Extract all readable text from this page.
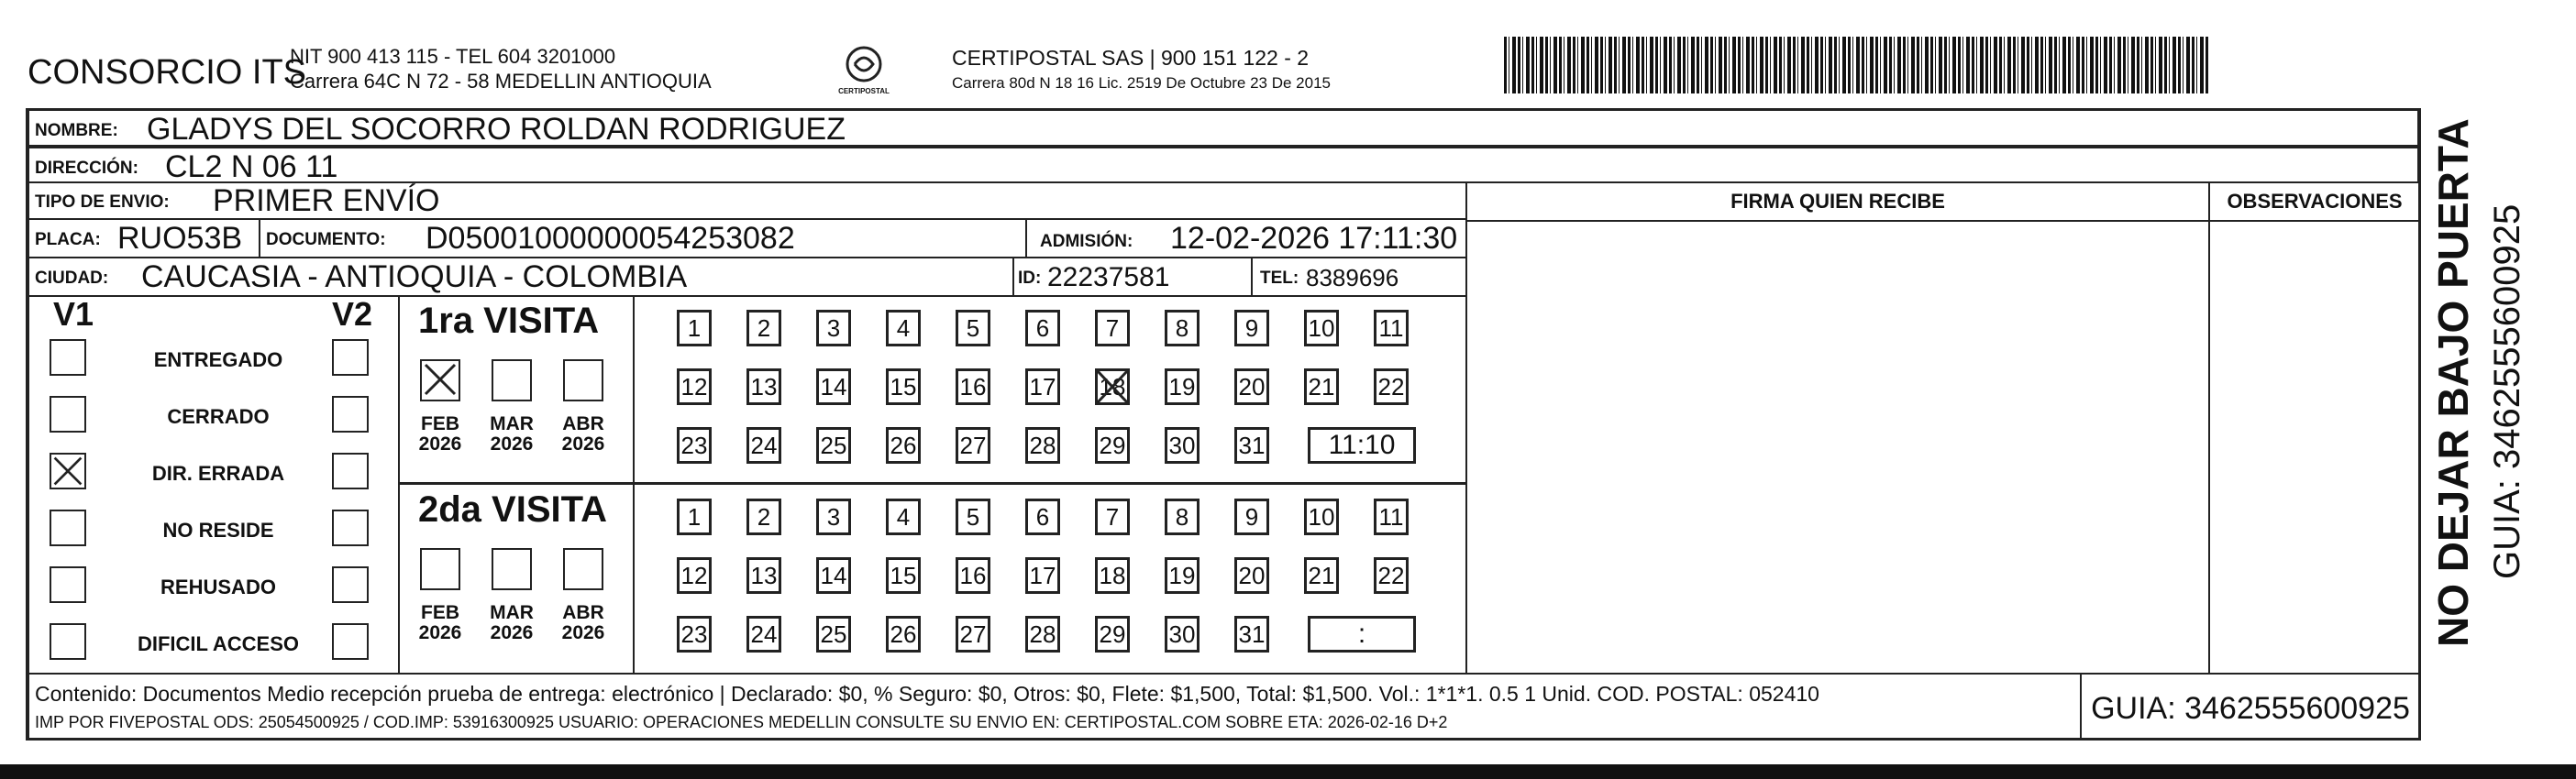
CONSORCIO ITS
NIT 900 413 115 - TEL 604 3201000
Carrera 64C N 72 - 58 MEDELLIN ANTIOQUIA	CERTIPOSTAL
CERTIPOSTAL SAS | 900 151 122 - 2
Carrera 80d N 18 16 Lic. 2519 De Octubre 23 De 2015
NOMBRE: GLADYS DEL SOCORRO ROLDAN RODRIGUEZ
DIRECCIÓN: CL2 N 06 11
TIPO DE ENVIO: PRIMER ENVÍO
PLACA: RUO53B DOCUMENTO: D05001000000054253082	ADMISIÓN: 12-02-2026 17:11:30
CIUDAD: CAUCASIA - ANTIOQUIA - COLOMBIA	ID: 22237581	TEL: 8389696
FIRMA QUIEN RECIBE	OBSERVACIONES
V1	V2
ENTREGADO
CERRADO
DIR. ERRADA
NO RESIDE
REHUSADO
DIFICIL ACCESO
1ra VISITA
2da VISITA
FEB
2026
MAR
2026
ABR
2026
1	2	3	4	5	6	7	8	9	10 11
12 13 14 15 16 17 18 19 20 21 22
23 24 25 26 27 28 29 30 31	11:10
FEB
2026
MAR
2026
ABR
2026
1	2	3	4	5	6	7	8	9	10 11
12 13 14 15 16 17 18 19 20 21 22
23 24 25 26 27 28 29 30 31	:
Contenido: Documentos Medio recepción prueba de entrega: electrónico | Declarado: $0, % Seguro: $0, Otros: $0, Flete: $1,500, Total: $1,500. Vol.: 1*1*1. 0.5 1 Unid. COD. POSTAL: 052410
IMP POR FIVEPOSTAL ODS: 25054500925 / COD.IMP: 53916300925 USUARIO: OPERACIONES MEDELLIN CONSULTE SU ENVIO EN: CERTIPOSTAL.COM SOBRE ETA: 2026-02-16 D+2	GUIA: 3462555600925
NO DEJAR BAJO PUERTA GUIA: 3462555600925
